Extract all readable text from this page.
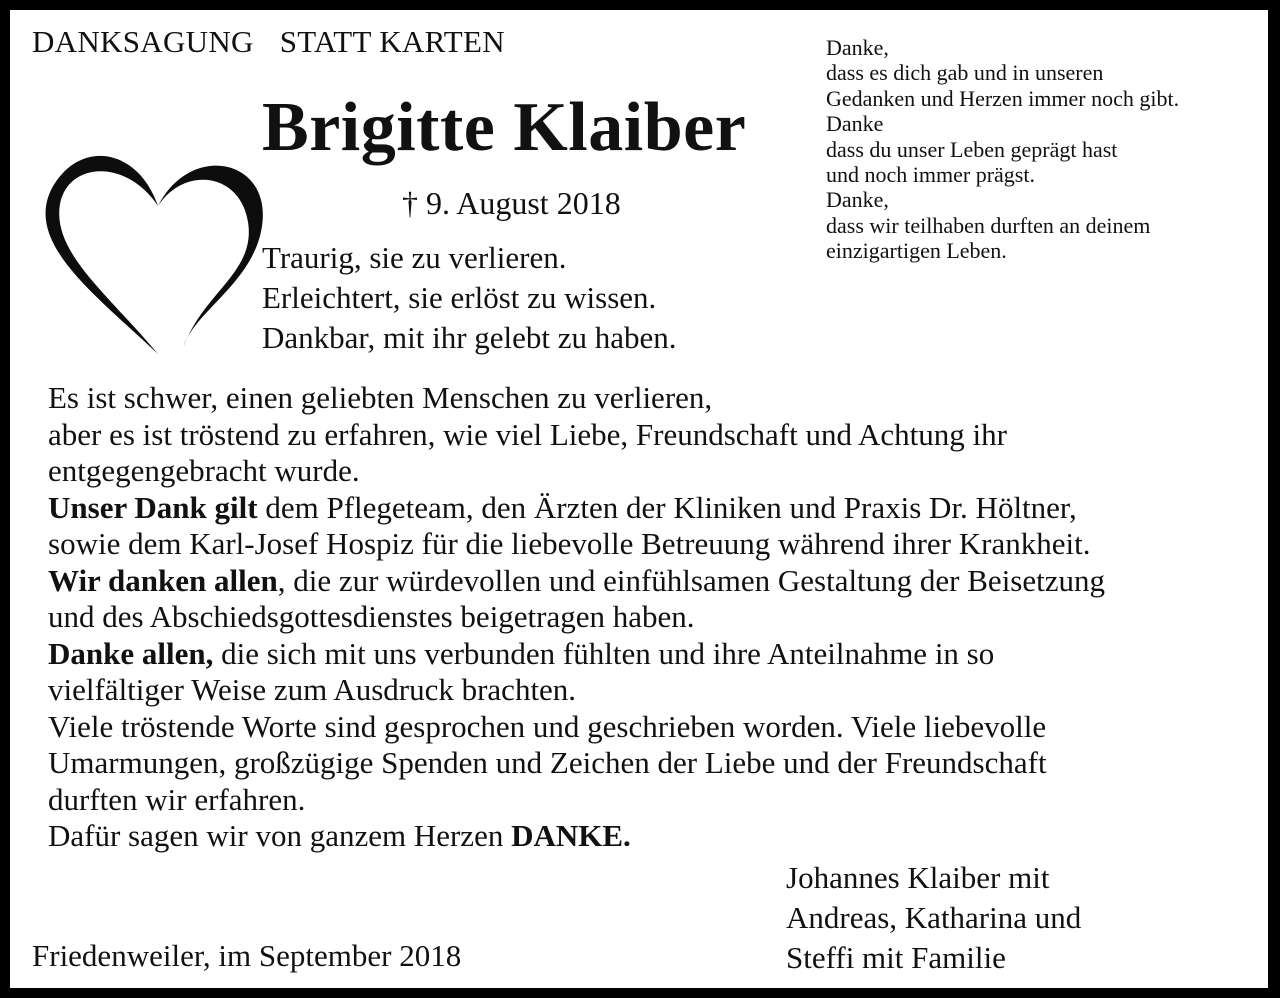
DANKSAGUNG STATT KARTEN
Brigitte Klaiber
† 9. August 2018
Traurig, sie zu verlieren.
Erleichtert, sie erlöst zu wissen.
Dankbar, mit ihr gelebt zu haben.
Danke,
dass es dich gab und in unseren
Gedanken und Herzen immer noch gibt.
Danke
dass du unser Leben geprägt hast
und noch immer prägst.
Danke,
dass wir teilhaben durften an deinem
einzigartigen Leben.
Es ist schwer, einen geliebten Menschen zu verlieren,
aber es ist tröstend zu erfahren, wie viel Liebe, Freundschaft und Achtung ihr
entgegengebracht wurde.
Unser Dank gilt dem Pflegeteam, den Ärzten der Kliniken und Praxis Dr. Höltner,
sowie dem Karl-Josef Hospiz für die liebevolle Betreuung während ihrer Krankheit.
Wir danken allen, die zur würdevollen und einfühlsamen Gestaltung der Beisetzung
und des Abschiedsgottesdienstes beigetragen haben.
Danke allen, die sich mit uns verbunden fühlten und ihre Anteilnahme in so
vielfältiger Weise zum Ausdruck brachten.
Viele tröstende Worte sind gesprochen und geschrieben worden. Viele liebevolle
Umarmungen, großzügige Spenden und Zeichen der Liebe und der Freundschaft
durften wir erfahren.
Dafür sagen wir von ganzem Herzen DANKE.
Friedenweiler, im September 2018
Johannes Klaiber mit
Andreas, Katharina und
Steffi mit Familie
